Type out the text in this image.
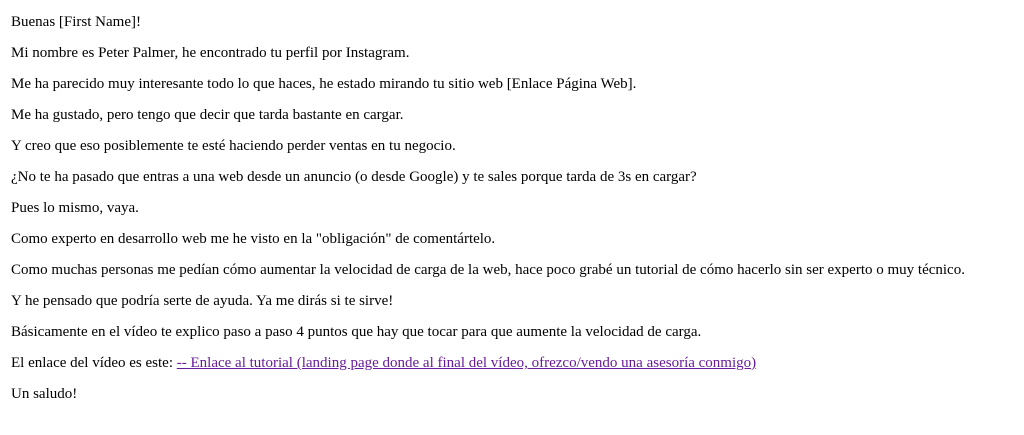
Buenas [First Name]!

Mi nombre es Peter Palmer, he encontrado tu perfil por Instagram.

Me ha parecido muy interesante todo lo que haces, he estado mirando tu sitio web [Enlace Página Web].

Me ha gustado, pero tengo que decir que tarda bastante en cargar.

Y creo que eso posiblemente te esté haciendo perder ventas en tu negocio.

¿No te ha pasado que entras a una web desde un anuncio (o desde Google) y te sales porque tarda de 3s en cargar?

Pues lo mismo, vaya.

Como experto en desarrollo web me he visto en la "obligación" de comentártelo.

Como muchas personas me pedían cómo aumentar la velocidad de carga de la web, hace poco grabé un tutorial de cómo hacerlo sin ser experto o muy técnico.

Y he pensado que podría serte de ayuda. Ya me dirás si te sirve!

Básicamente en el vídeo te explico paso a paso 4 puntos que hay que tocar para que aumente la velocidad de carga.

El enlace del vídeo es este: -- Enlace al tutorial (landing page donde al final del vídeo, ofrezco/vendo una asesoría conmigo)

Un saludo!
